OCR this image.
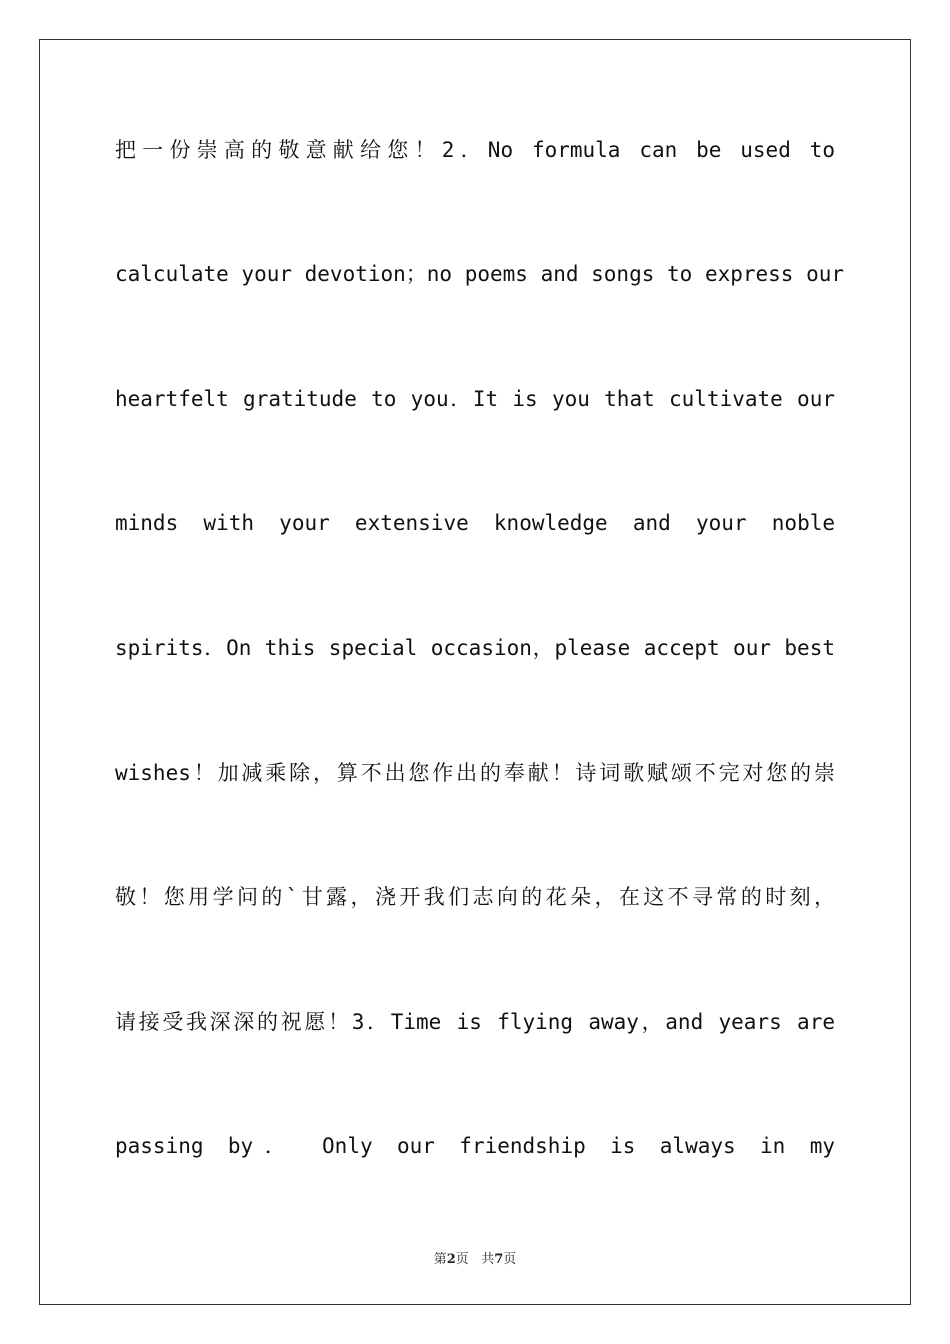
把一份崇高的敬意献给您！2．No formula can be used to
calculate your devotion；no poems and songs to express our
heartfelt gratitude to you．It is you that cultivate our
minds with your extensive knowledge and your noble
spirits．On this special occasion，please accept our best
wishes！加减乘除，算不出您作出的奉献！诗词歌赋颂不完对您的崇
敬！您用学问的`甘露，浇开我们志向的花朵，在这不寻常的时刻，
请接受我深深的祝愿！3．Time is flying away，and years are
passing by． Only our friendship is always in my
第2页 共7页
